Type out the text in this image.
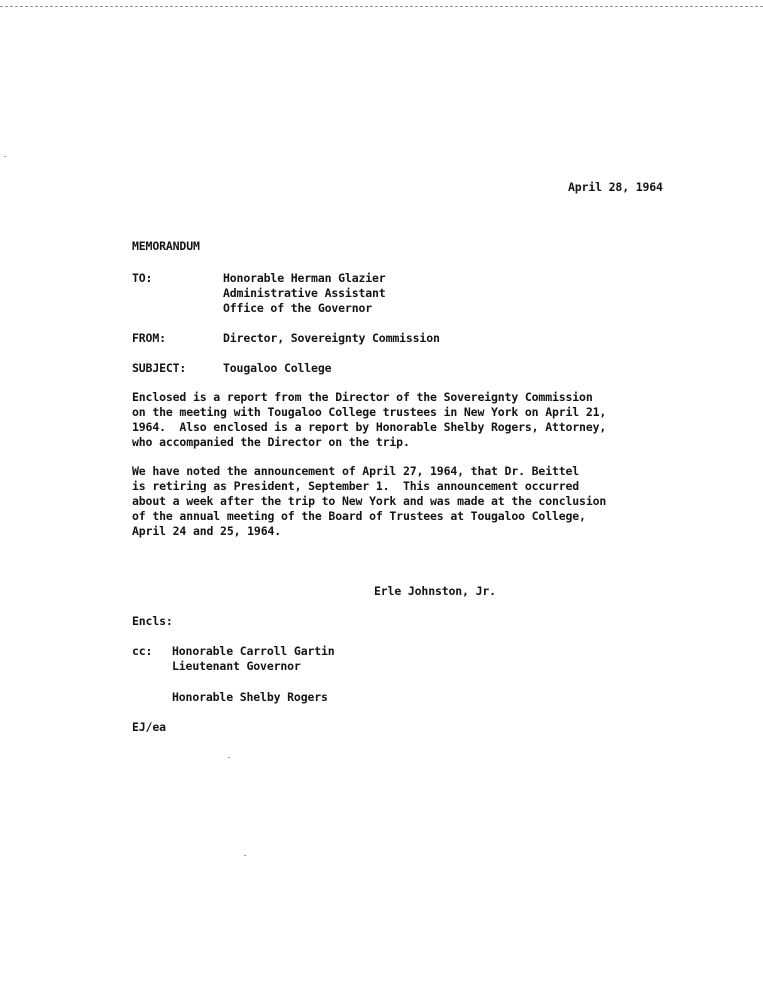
April 28, 1964
MEMORANDUM
TO:	Honorable Herman Glazier
Administrative Assistant
Office of the Governor
FROM:	Director, Sovereignty Commission
SUBJECT:	Tougaloo College
Enclosed is a report from the Director of the Sovereignty Commission
on the meeting with Tougaloo College trustees in New York on April 21,
1964.  Also enclosed is a report by Honorable Shelby Rogers, Attorney,
who accompanied the Director on the trip.
We have noted the announcement of April 27, 1964, that Dr. Beittel
is retiring as President, September 1.  This announcement occurred
about a week after the trip to New York and was made at the conclusion
of the annual meeting of the Board of Trustees at Tougaloo College,
April 24 and 25, 1964.
Erle Johnston, Jr.
Encls:
cc: Honorable Carroll Gartin
Lieutenant Governor
Honorable Shelby Rogers
EJ/ea
